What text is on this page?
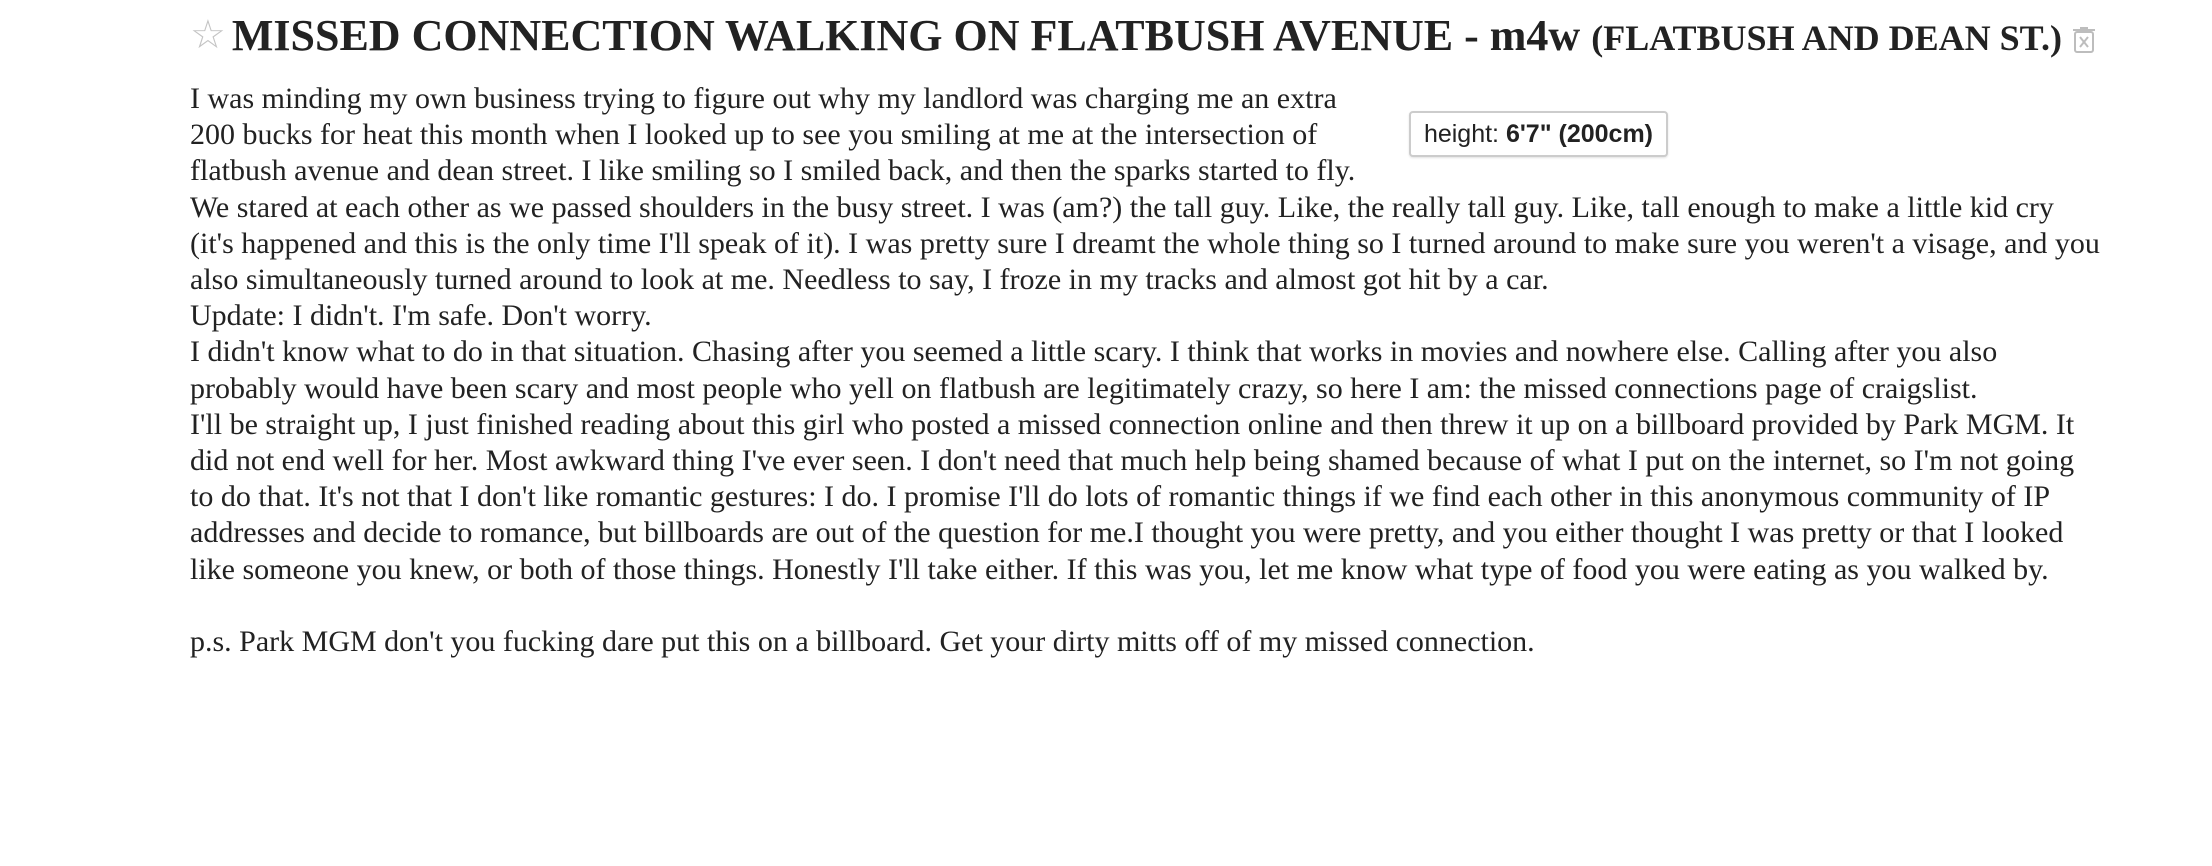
☆ MISSED CONNECTION WALKING ON FLATBUSH AVENUE - m4w (FLATBUSH AND DEAN ST.)
height: 6'7" (200cm)
I was minding my own business trying to figure out why my landlord was charging me an extra 200 bucks for heat this month when I looked up to see you smiling at me at the intersection of flatbush avenue and dean street. I like smiling so I smiled back, and then the sparks started to fly. We stared at each other as we passed shoulders in the busy street. I was (am?) the tall guy. Like, the really tall guy. Like, tall enough to make a little kid cry (it's happened and this is the only time I'll speak of it). I was pretty sure I dreamt the whole thing so I turned around to make sure you weren't a visage, and you also simultaneously turned around to look at me. Needless to say, I froze in my tracks and almost got hit by a car.
Update: I didn't. I'm safe. Don't worry.
I didn't know what to do in that situation. Chasing after you seemed a little scary. I think that works in movies and nowhere else. Calling after you also probably would have been scary and most people who yell on flatbush are legitimately crazy, so here I am: the missed connections page of craigslist.
I'll be straight up, I just finished reading about this girl who posted a missed connection online and then threw it up on a billboard provided by Park MGM. It did not end well for her. Most awkward thing I've ever seen. I don't need that much help being shamed because of what I put on the internet, so I'm not going to do that. It's not that I don't like romantic gestures: I do. I promise I'll do lots of romantic things if we find each other in this anonymous community of IP addresses and decide to romance, but billboards are out of the question for me.I thought you were pretty, and you either thought I was pretty or that I looked like someone you knew, or both of those things. Honestly I'll take either. If this was you, let me know what type of food you were eating as you walked by.
p.s. Park MGM don't you fucking dare put this on a billboard. Get your dirty mitts off of my missed connection.
